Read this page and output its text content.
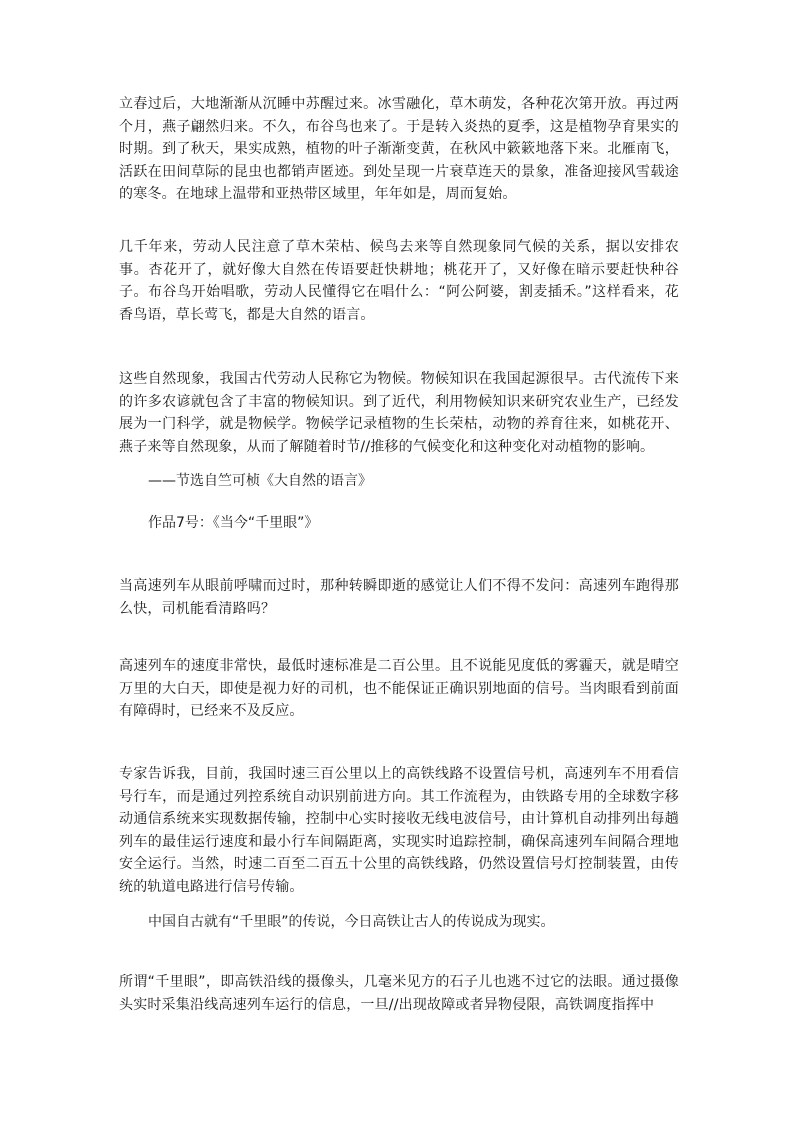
立春过后，大地渐渐从沉睡中苏醒过来。冰雪融化，草木萌发，各种花次第开放。再过两个月，燕子翩然归来。不久，布谷鸟也来了。于是转入炎热的夏季，这是植物孕育果实的时期。到了秋天，果实成熟，植物的叶子渐渐变黄，在秋风中簌簌地落下来。北雁南飞，活跃在田间草际的昆虫也都销声匿迹。到处呈现一片衰草连天的景象，准备迎接风雪载途的寒冬。在地球上温带和亚热带区域里，年年如是，周而复始。

几千年来，劳动人民注意了草木荣枯、候鸟去来等自然现象同气候的关系，据以安排农事。杏花开了，就好像大自然在传语要赶快耕地；桃花开了，又好像在暗示要赶快种谷子。布谷鸟开始唱歌，劳动人民懂得它在唱什么：“阿公阿婆，割麦插禾。”这样看来，花香鸟语，草长莺飞，都是大自然的语言。

这些自然现象，我国古代劳动人民称它为物候。物候知识在我国起源很早。古代流传下来的许多农谚就包含了丰富的物候知识。到了近代，利用物候知识来研究农业生产，已经发展为一门科学，就是物候学。物候学记录植物的生长荣枯，动物的养育往来，如桃花开、燕子来等自然现象，从而了解随着时节//推移的气候变化和这种变化对动植物的影响。

——节选自竺可桢《大自然的语言》

作品7号：《当今“千里眼”》

当高速列车从眼前呼啸而过时，那种转瞬即逝的感觉让人们不得不发问：高速列车跑得那么快，司机能看清路吗？

高速列车的速度非常快，最低时速标准是二百公里。且不说能见度低的雾霾天，就是晴空万里的大白天，即使是视力好的司机，也不能保证正确识别地面的信号。当肉眼看到前面有障碍时，已经来不及反应。

专家告诉我，目前，我国时速三百公里以上的高铁线路不设置信号机，高速列车不用看信号行车，而是通过列控系统自动识别前进方向。其工作流程为，由铁路专用的全球数字移动通信系统来实现数据传输，控制中心实时接收无线电波信号，由计算机自动排列出每趟列车的最佳运行速度和最小行车间隔距离，实现实时追踪控制，确保高速列车间隔合理地安全运行。当然，时速二百至二百五十公里的高铁线路，仍然设置信号灯控制装置，由传统的轨道电路进行信号传输。

中国自古就有“千里眼”的传说，今日高铁让古人的传说成为现实。

所谓“千里眼”，即高铁沿线的摄像头，几毫米见方的石子儿也逃不过它的法眼。通过摄像头实时采集沿线高速列车运行的信息，一旦//出现故障或者异物侵限，高铁调度指挥中
